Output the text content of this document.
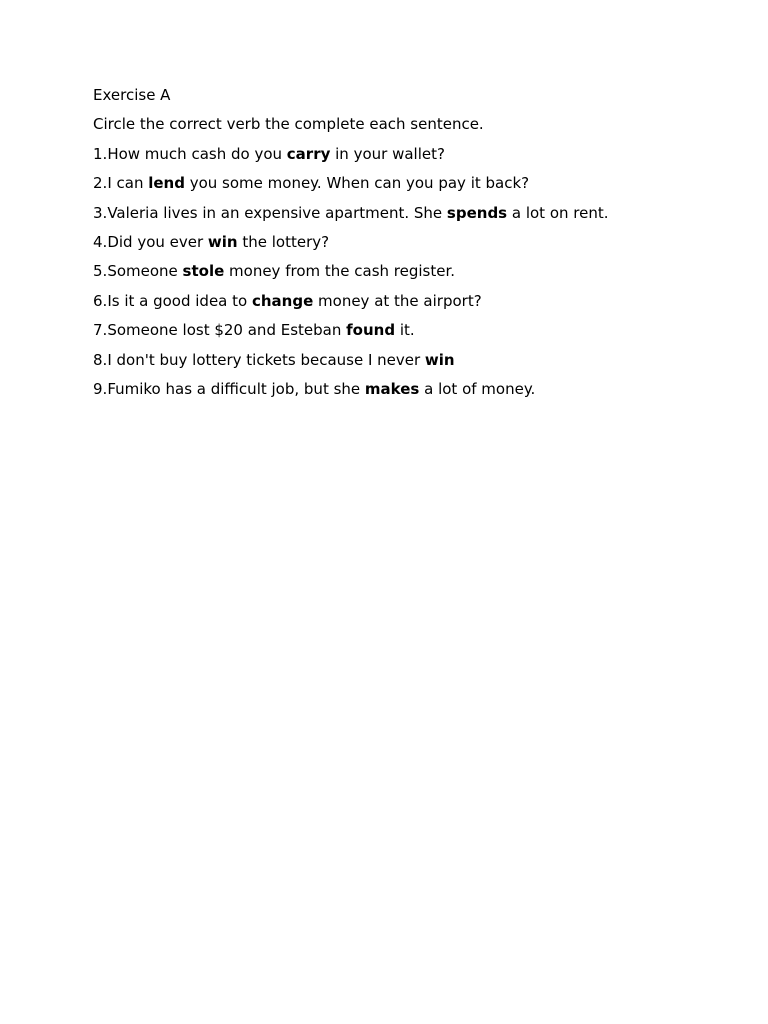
Exercise A
Circle the correct verb the complete each sentence.
1.How much cash do you carry in your wallet?
2.I can lend you some money. When can you pay it back?
3.Valeria lives in an expensive apartment. She spends a lot on rent.
4.Did you ever win the lottery?
5.Someone stole money from the cash register.
6.Is it a good idea to change money at the airport?
7.Someone lost $20 and Esteban found it.
8.I don't buy lottery tickets because I never win
9.Fumiko has a difficult job, but she makes a lot of money.
